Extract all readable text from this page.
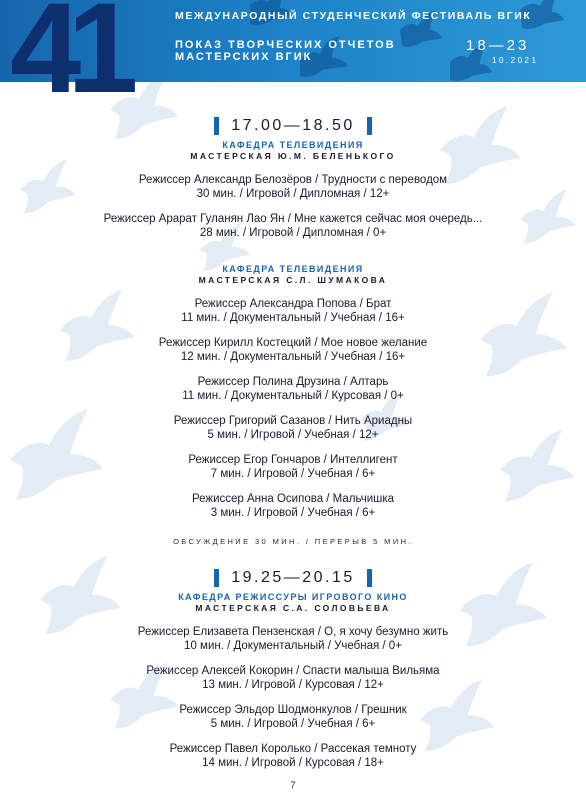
МЕЖДУНАРОДНЫЙ СТУДЕНЧЕСКИЙ ФЕСТИВАЛЬ ВГИК
ПОКАЗ ТВОРЧЕСКИХ ОТЧЕТОВ
МАСТЕРСКИХ ВГИК
18—23
10.2021
41
17.00—18.50
КАФЕДРА ТЕЛЕВИДЕНИЯ
МАСТЕРСКАЯ Ю.М. БЕЛЕНЬКОГО
Режиссер Александр Белозёров / Трудности с переводом
30 мин. / Игровой / Дипломная / 12+
Режиссер Арарат Гуланян Лао Ян / Мне кажется сейчас моя очередь...
28 мин. / Игровой / Дипломная / 0+
КАФЕДРА ТЕЛЕВИДЕНИЯ
МАСТЕРСКАЯ С.Л. ШУМАКОВА
Режиссер Александра Попова / Брат
11 мин. / Документальный / Учебная / 16+
Режиссер Кирилл Костецкий / Мое новое желание
12 мин. / Документальный / Учебная / 16+
Режиссер Полина Друзина / Алтарь
11 мин. / Документальный / Курсовая / 0+
Режиссер Григорий Сазанов / Нить Ариадны
5 мин. / Игровой / Учебная / 12+
Режиссер Егор Гончаров / Интеллигент
7 мин. / Игровой / Учебная / 6+
Режиссер Анна Осипова / Мальчишка
3 мин. / Игровой / Учебная / 6+
ОБСУЖДЕНИЕ 30 МИН. / ПЕРЕРЫВ 5 МИН.
19.25—20.15
КАФЕДРА РЕЖИССУРЫ ИГРОВОГО КИНО
МАСТЕРСКАЯ С.А. СОЛОВЬЕВА
Режиссер Елизавета Пензенская / О, я хочу безумно жить
10 мин. / Документальный / Учебная / 0+
Режиссер Алексей Кокорин / Спасти малыша Вильяма
13 мин. / Игровой / Курсовая / 12+
Режиссер Эльдор Шодмонкулов / Грешник
5 мин. / Игровой / Учебная / 6+
Режиссер Павел Королько / Рассекая темноту
14 мин. / Игровой / Курсовая / 18+
7
